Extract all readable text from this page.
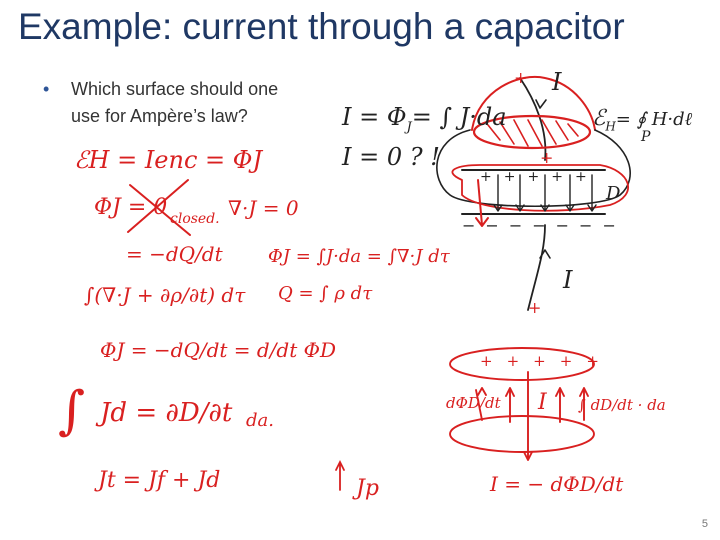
Example: current through a capacitor
•	Which surface should one
use for Ampère’s law?	$I = \Phi_J=$ ∫ J·da
I = 0 ? !
ℰ$_H$= ∮ H·dℓ
P
I
I
+
+
+++++
−−−−−−−
+
D
ℰH = Ienc = ΦJ
ΦJ = 0 closed. ∇·J = 0
= −dQ/dt	ΦJ = ∫J·da = ∫∇·J dτ
∫(∇·J + ∂ρ/∂t) dτ Q = ∫ ρ dτ
ΦJ = −dQ/dt = d/dt ΦD
∫ Jd = ∂D/∂t da.
Jt = Jf + Jd	Jp
+++++
dΦD/dt I ∫ dD/dt · da
I = − dΦD/dt
5
